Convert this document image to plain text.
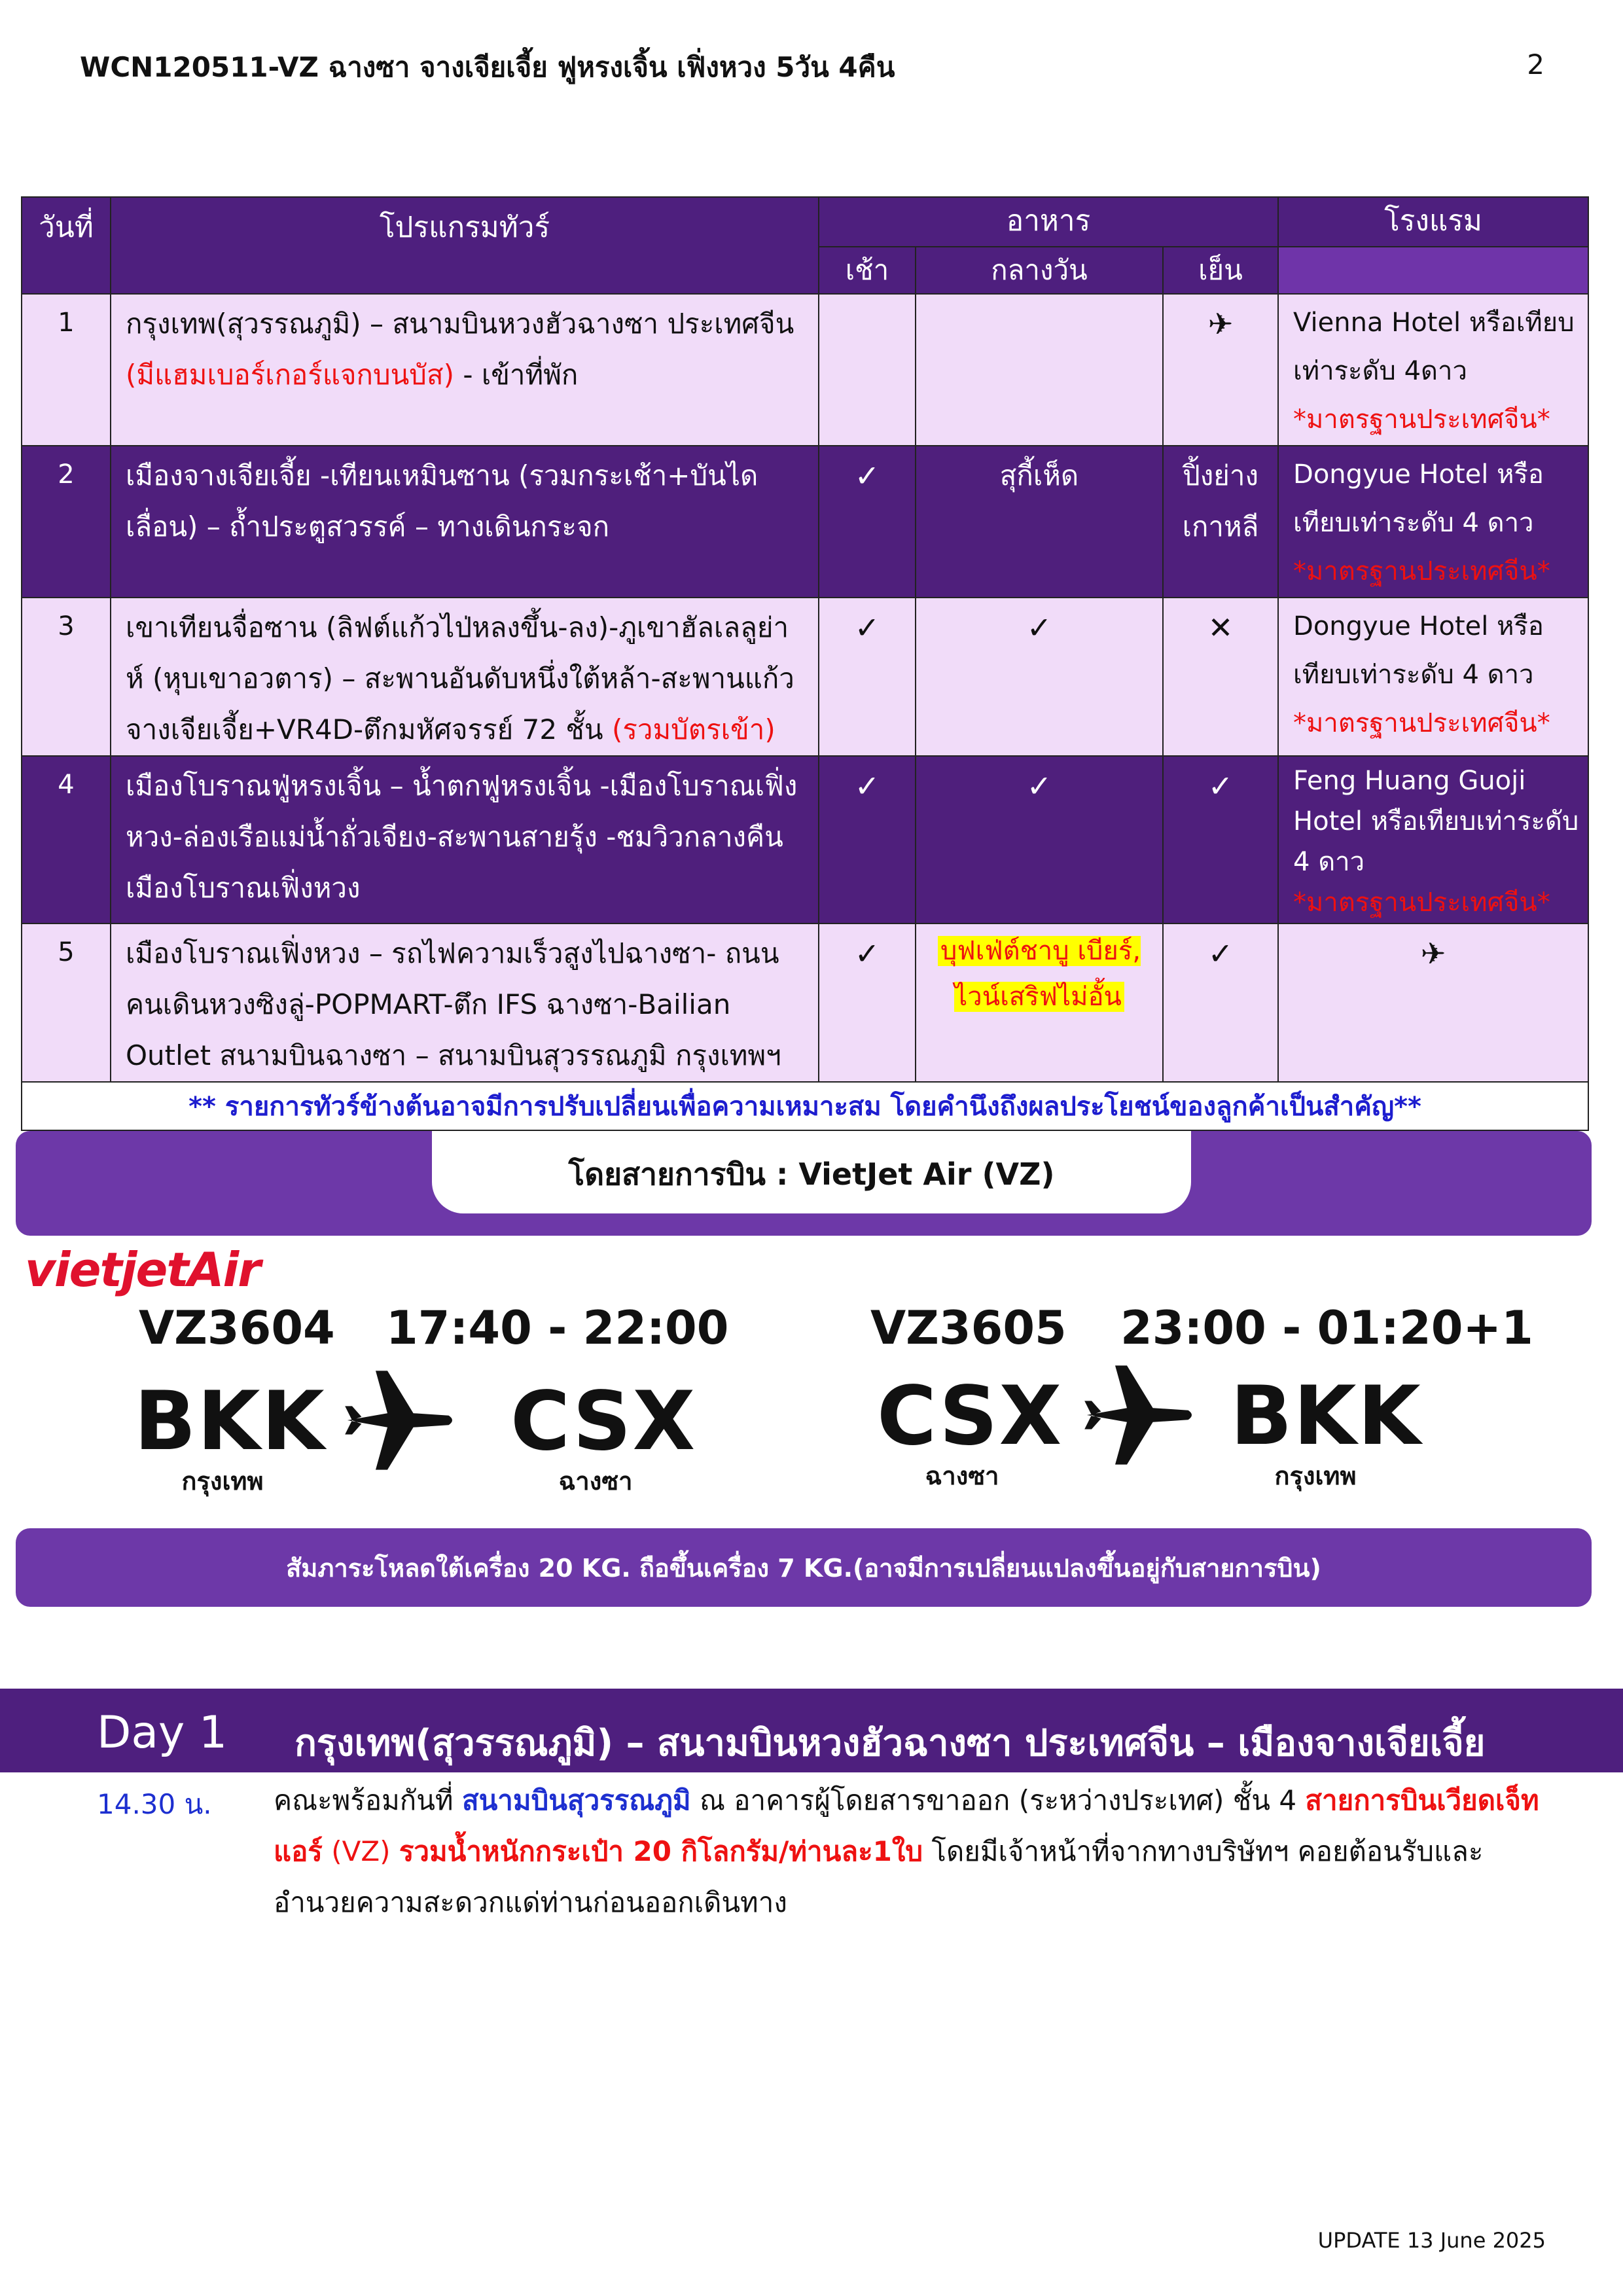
WCN120511-VZ ฉางซา จางเจียเจี้ย ฟูหรงเจิ้น เฟิ่งหวง 5วัน 4คืน	2
วันที่	โปรแกรมทัวร์	อาหาร			โรงแรม
		เช้า	กลางวัน	เย็น	
1	กรุงเทพ(สุวรรณภูมิ) – สนามบินหวงฮัวฉางซา ประเทศจีน (มีแฮมเบอร์เกอร์แจกบนบัส) - เข้าที่พัก			✈	Vienna Hotel หรือเทียบเท่าระดับ 4ดาว
*มาตรฐานประเทศจีน*

2	เมืองจางเจียเจี้ย -เทียนเหมินซาน (รวมกระเช้า+บันไดเลื่อน) – ถ้ำประตูสวรรค์ – ทางเดินกระจก	✓	สุกี้เห็ด	ปิ้งย่างเกาหลี	Dongyue Hotel หรือเทียบเท่าระดับ 4 ดาว
*มาตรฐานประเทศจีน*

3	เขาเทียนจื่อซาน (ลิฟต์แก้วไป่หลงขึ้น-ลง)-ภูเขาฮัลเลลูย่าห์ (หุบเขาอวตาร) – สะพานอันดับหนึ่งใต้หล้า-สะพานแก้วจางเจียเจี้ย+VR4D-ตึกมหัศจรรย์ 72 ชั้น (รวมบัตรเข้า)	✓	✓	✕	Dongyue Hotel หรือเทียบเท่าระดับ 4 ดาว
*มาตรฐานประเทศจีน*

4	เมืองโบราณฟู่หรงเจิ้น – น้ำตกฟูหรงเจิ้น -เมืองโบราณเฟิ่งหวง-ล่องเรือแม่น้ำถั่วเจียง-สะพานสายรุ้ง -ชมวิวกลางคืนเมืองโบราณเฟิ่งหวง	✓	✓	✓	Feng Huang Guoji Hotel หรือเทียบเท่าระดับ 4 ดาว
*มาตรฐานประเทศจีน*

5	เมืองโบราณเฟิ่งหวง – รถไฟความเร็วสูงไปฉางซา- ถนนคนเดินหวงซิงลู่-POPMART-ตึก IFS ฉางซา-Bailian Outlet สนามบินฉางซา – สนามบินสุวรรณภูมิ กรุงเทพฯ	✓	บุฟเฟ่ต์ชาบู เบียร์, ไวน์เสริฟไม่อั้น	✓	✈
** รายการทัวร์ข้างต้นอาจมีการปรับเปลี่ยนเพื่อความเหมาะสม โดยคำนึงถึงผลประโยชน์ของลูกค้าเป็นสำคัญ**					
โดยสายการบิน : VietJet Air (VZ)
vietjetAir
VZ3604 17:40 - 22:00
BKK
กรุงเทพ
CSX
ฉางซา
VZ3605 23:00 - 01:20+1
CSX
ฉางซา
BKK
กรุงเทพ
สัมภาระโหลดใต้เครื่อง 20 KG. ถือขึ้นเครื่อง 7 KG.(อาจมีการเปลี่ยนแปลงขึ้นอยู่กับสายการบิน)
Day 1 กรุงเทพ(สุวรรณภูมิ) – สนามบินหวงฮัวฉางซา ประเทศจีน – เมืองจางเจียเจี้ย
14.30 น. คณะพร้อมกันที่ สนามบินสุวรรณภูมิ ณ อาคารผู้โดยสารขาออก (ระหว่างประเทศ) ชั้น 4 สายการบินเวียดเจ็ทแอร์ (VZ) รวมน้ำหนักกระเป๋า 20 กิโลกรัม/ท่านละ1ใบ โดยมีเจ้าหน้าที่จากทางบริษัทฯ คอยต้อนรับและอำนวยความสะดวกแด่ท่านก่อนออกเดินทาง
UPDATE 13 June 2025
